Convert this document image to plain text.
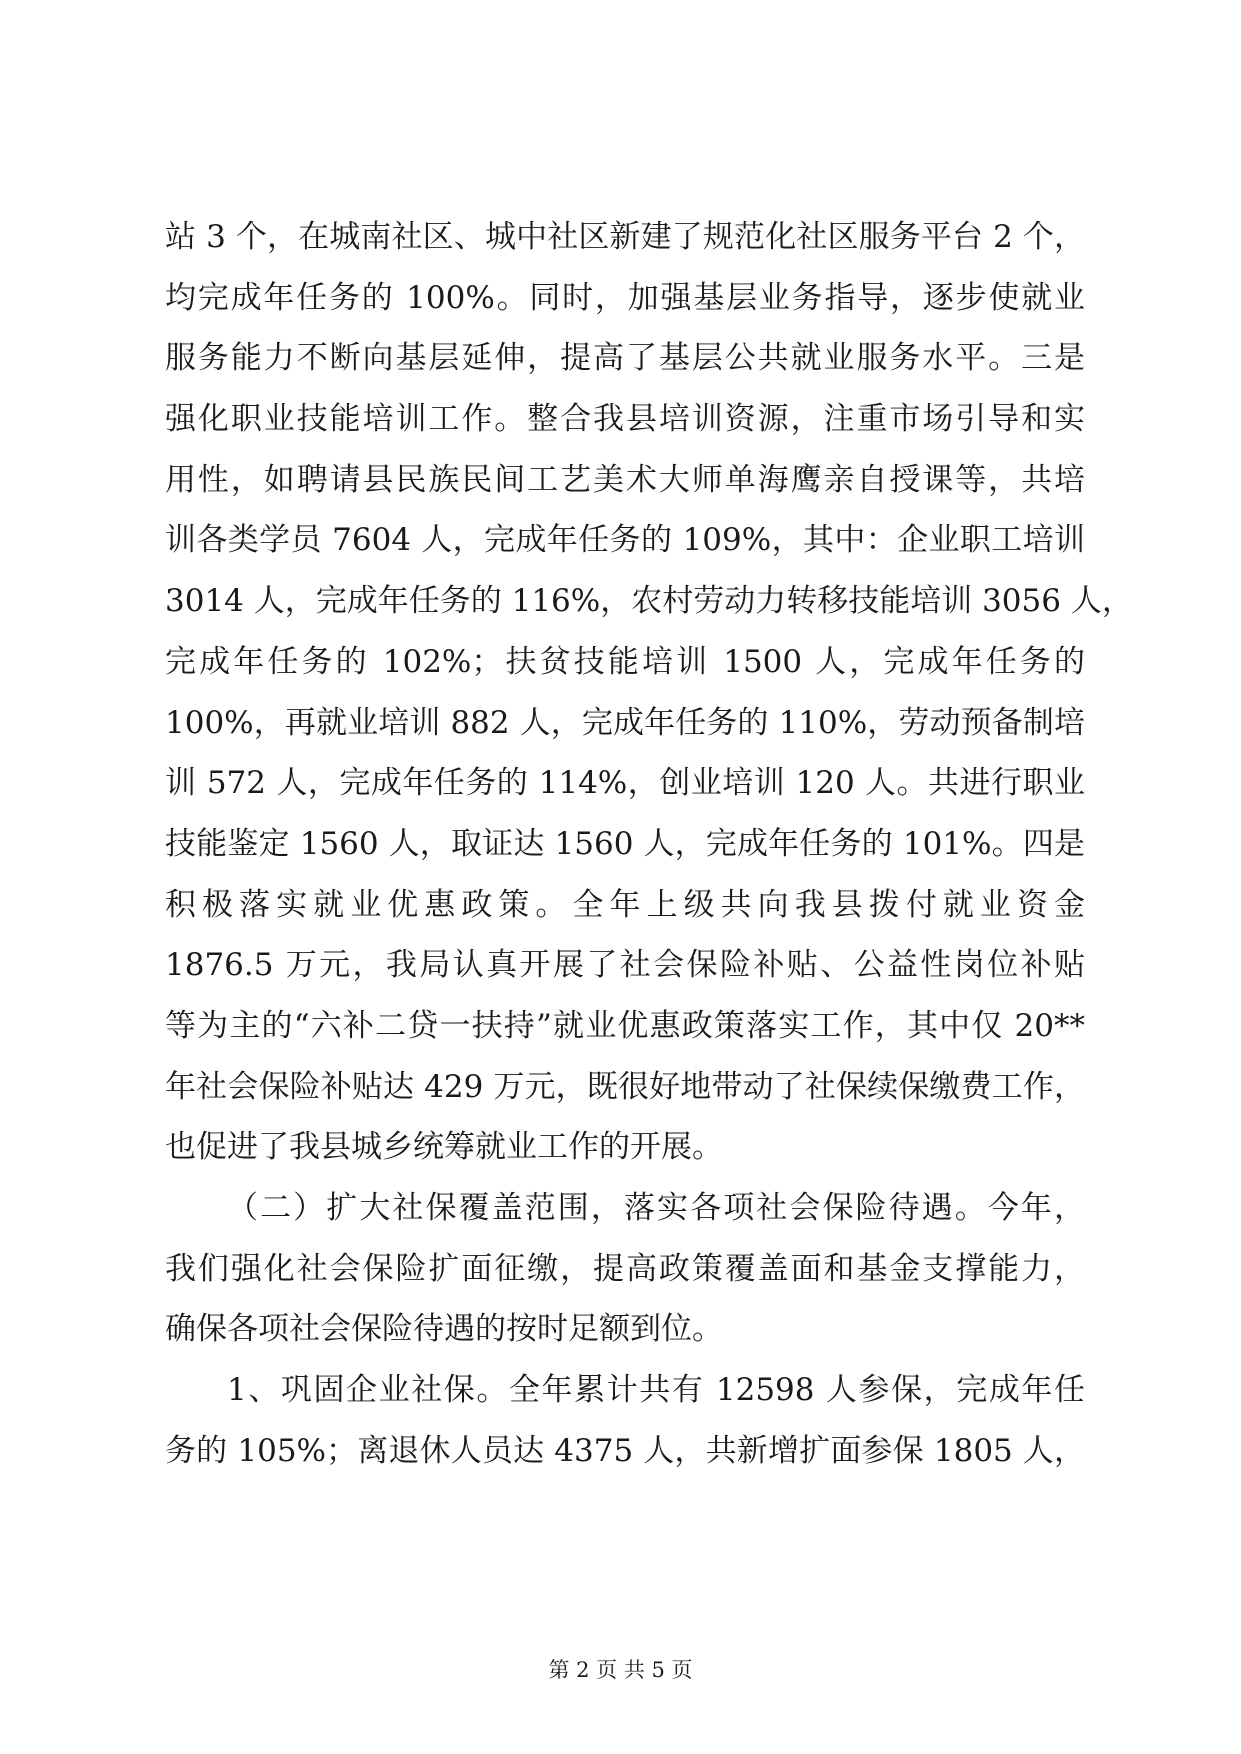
站 3 个，在城南社区、城中社区新建了规范化社区服务平台 2 个，
均完成年任务的 100%。同时，加强基层业务指导，逐步使就业
服务能力不断向基层延伸，提高了基层公共就业服务水平。三是
强化职业技能培训工作。整合我县培训资源，注重市场引导和实
用性，如聘请县民族民间工艺美术大师单海鹰亲自授课等，共培
训各类学员 7604 人，完成年任务的 109%，其中：企业职工培训
3014 人，完成年任务的 116%，农村劳动力转移技能培训 3056 人，
完成年任务的 102%；扶贫技能培训 1500 人，完成年任务的
100%，再就业培训 882 人，完成年任务的 110%，劳动预备制培
训 572 人，完成年任务的 114%，创业培训 120 人。共进行职业
技能鉴定 1560 人，取证达 1560 人，完成年任务的 101%。四是
积极落实就业优惠政策。全年上级共向我县拨付就业资金
1876.5 万元，我局认真开展了社会保险补贴、公益性岗位补贴
等为主的“六补二贷一扶持”就业优惠政策落实工作，其中仅 20**
年社会保险补贴达 429 万元，既很好地带动了社保续保缴费工作，
也促进了我县城乡统筹就业工作的开展。
（二）扩大社保覆盖范围，落实各项社会保险待遇。今年，
我们强化社会保险扩面征缴，提高政策覆盖面和基金支撑能力，
确保各项社会保险待遇的按时足额到位。
1、巩固企业社保。全年累计共有 12598 人参保，完成年任
务的 105%；离退休人员达 4375 人，共新增扩面参保 1805 人，
第 2 页 共 5 页
